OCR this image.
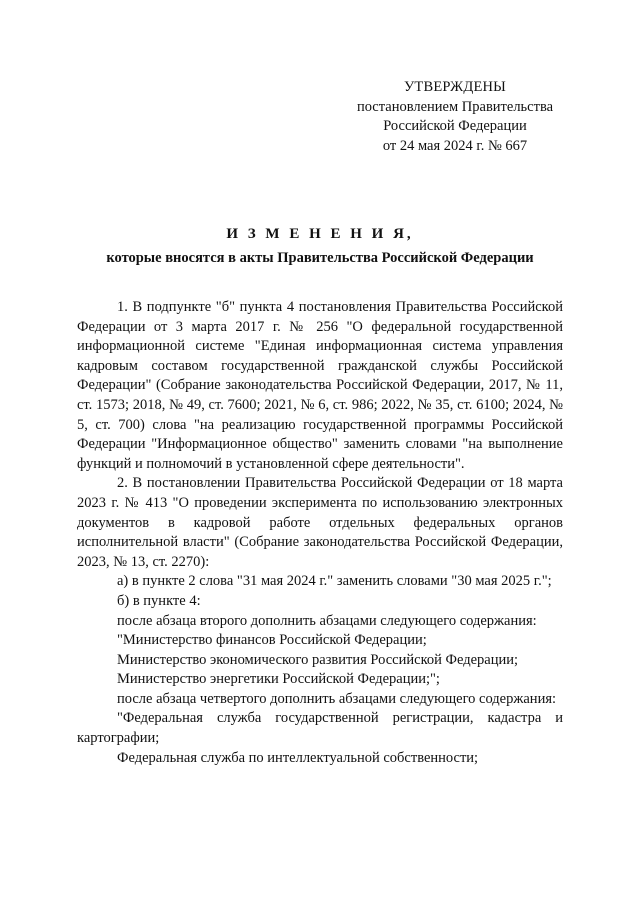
УТВЕРЖДЕНЫ
постановлением Правительства
Российской Федерации
от 24 мая 2024 г. № 667
И З М Е Н Е Н И Я,
которые вносятся в акты Правительства Российской Федерации

1. В подпункте "б" пункта 4 постановления Правительства Российской Федерации от 3 марта 2017 г. № 256 "О федеральной государственной информационной системе "Единая информационная система управления кадровым составом государственной гражданской службы Российской Федерации" (Собрание законодательства Российской Федерации, 2017, № 11, ст. 1573; 2018, № 49, ст. 7600; 2021, № 6, ст. 986; 2022, № 35, ст. 6100; 2024, № 5, ст. 700) слова "на реализацию государственной программы Российской Федерации "Информационное общество" заменить словами "на выполнение функций и полномочий в установленной сфере деятельности".

2. В постановлении Правительства Российской Федерации от 18 марта 2023 г. № 413 "О проведении эксперимента по использованию электронных документов в кадровой работе отдельных федеральных органов исполнительной власти" (Собрание законодательства Российской Федерации, 2023, № 13, ст. 2270):

а) в пункте 2 слова "31 мая 2024 г." заменить словами "30 мая 2025 г.";

б) в пункте 4:

после абзаца второго дополнить абзацами следующего содержания:

"Министерство финансов Российской Федерации;

Министерство экономического развития Российской Федерации;

Министерство энергетики Российской Федерации;";

после абзаца четвертого дополнить абзацами следующего содержания:

"Федеральная служба государственной регистрации, кадастра и картографии;

Федеральная служба по интеллектуальной собственности;
